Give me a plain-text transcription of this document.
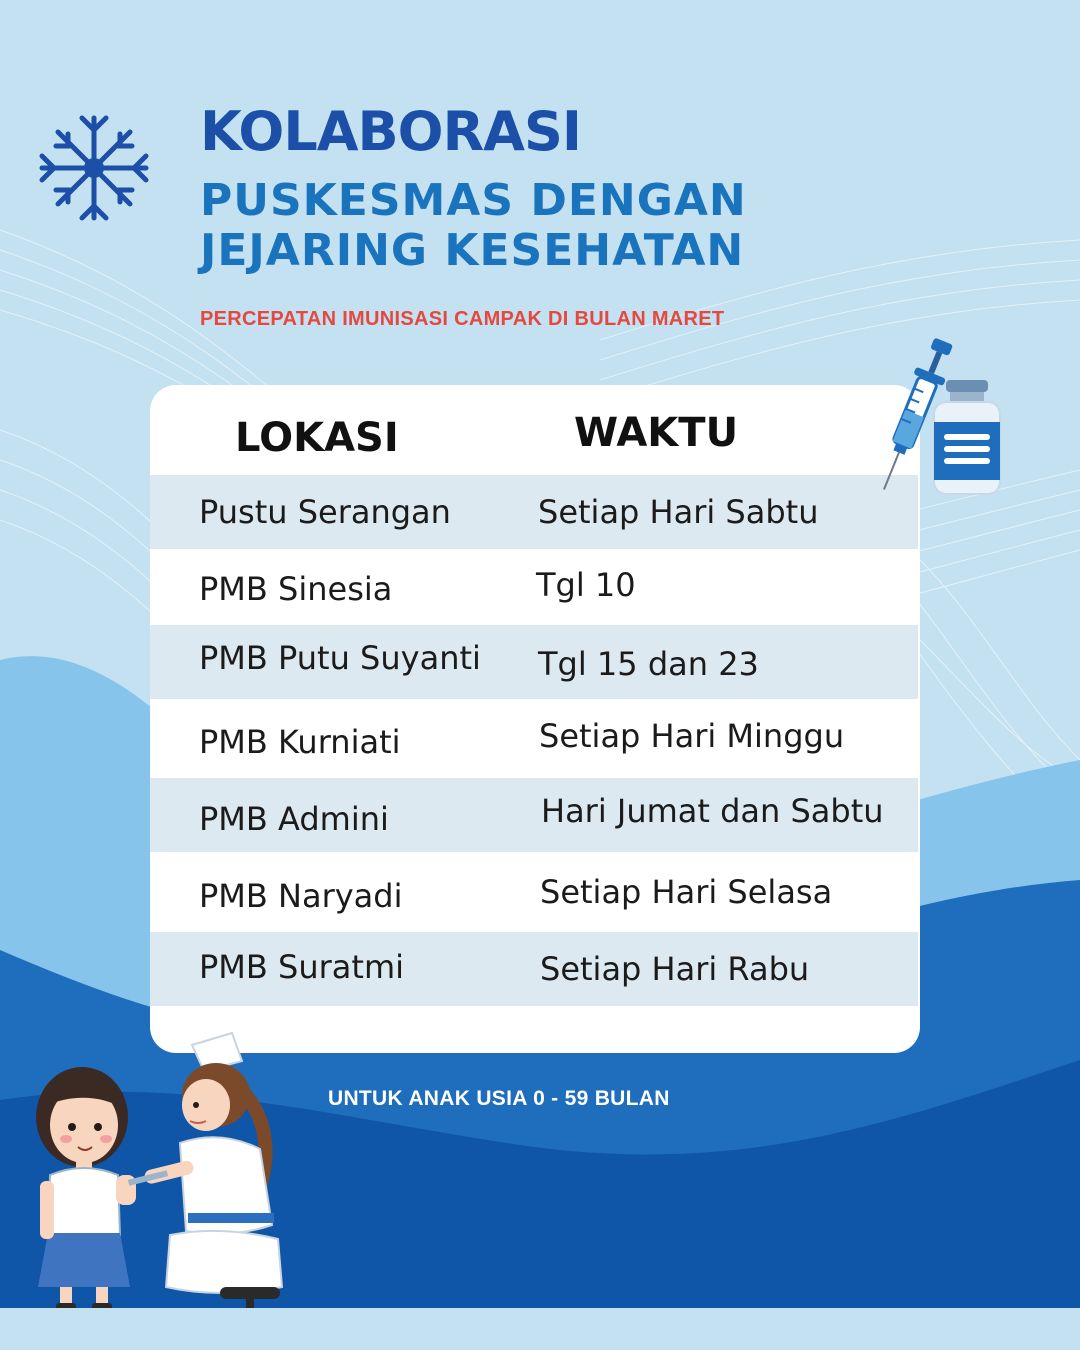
KOLABORASI
PUSKESMAS DENGAN JEJARING KESEHATAN

PERCEPATAN IMUNISASI CAMPAK DI BULAN MARET

LOKASI	WAKTU
Pustu Serangan	Setiap Hari Sabtu
PMB Sinesia	Tgl 10
PMB Putu Suyanti Tgl 15 dan 23
PMB Kurniati	Setiap Hari Minggu
PMB Admini	Hari Jumat dan Sabtu
PMB Naryadi	Setiap Hari Selasa
PMB Suratmi	Setiap Hari Rabu

UNTUK ANAK USIA 0 - 59 BULAN
